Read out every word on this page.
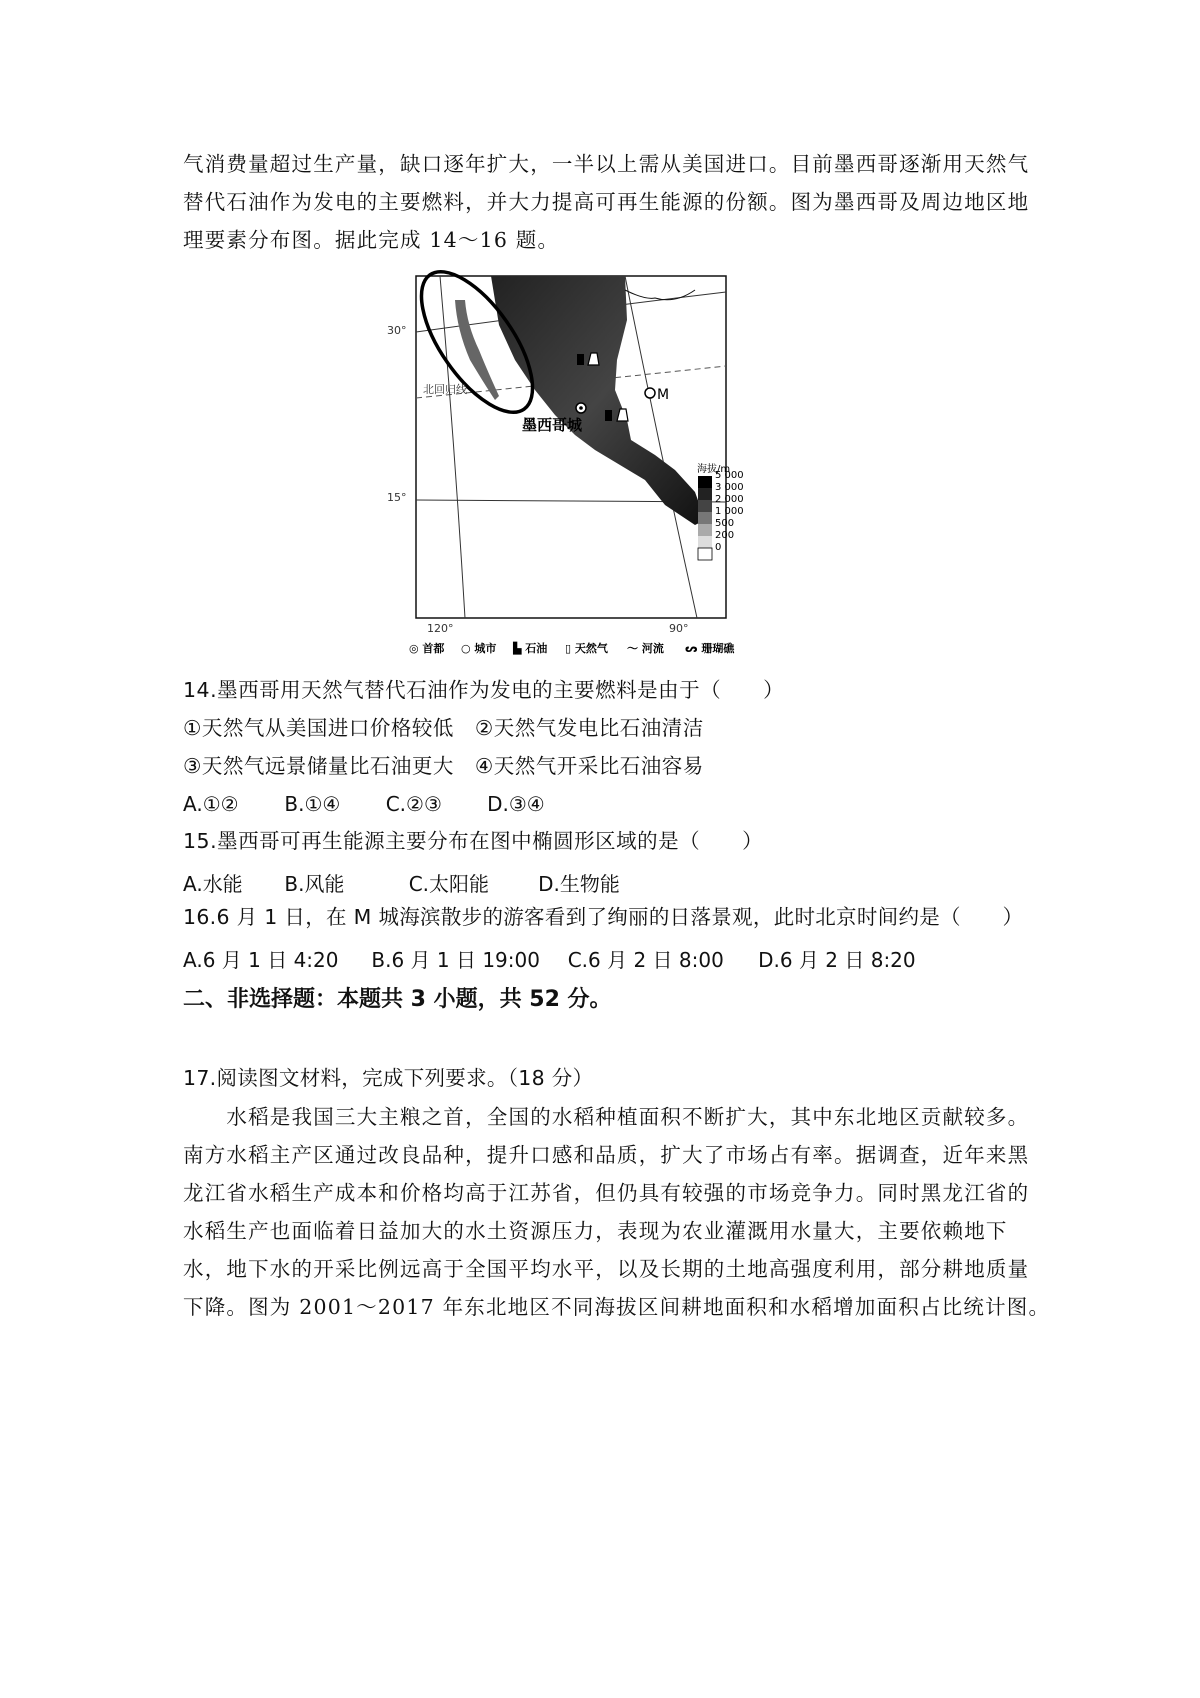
气消费量超过生产量，缺口逐年扩大，一半以上需从美国进口。目前墨西哥逐渐用天然气
替代石油作为发电的主要燃料，并大力提高可再生能源的份额。图为墨西哥及周边地区地
理要素分布图。据此完成 14～16 题。
30°
15°
120°	90°
北回归线
墨西哥城
M
海拔/m
5 000
3 000
2 000
1 000
500
200
0
◎ 首都 ○ 城市 ▙ 石油 ▯ 天然气 〜 河流 ᔕ 珊瑚礁
14.墨西哥用天然气替代石油作为发电的主要燃料是由于（　　）
①天然气从美国进口价格较低　②天然气发电比石油清洁
③天然气远景储量比石油更大　④天然气开采比石油容易
A.①② B.①④ C.②③ D.③④
15.墨西哥可再生能源主要分布在图中椭圆形区域的是（　　）
A.水能 B.风能	C.太阳能 D.生物能
16.6 月 1 日，在 M 城海滨散步的游客看到了绚丽的日落景观，此时北京时间约是（　　）
A.6 月 1 日 4:20 B.6 月 1 日 19:00 C.6 月 2 日 8:00 D.6 月 2 日 8:20
二、非选择题：本题共 3 小题，共 52 分。
17.阅读图文材料，完成下列要求。（18 分）
　　水稻是我国三大主粮之首，全国的水稻种植面积不断扩大，其中东北地区贡献较多。
南方水稻主产区通过改良品种，提升口感和品质，扩大了市场占有率。据调查，近年来黑
龙江省水稻生产成本和价格均高于江苏省，但仍具有较强的市场竞争力。同时黑龙江省的
水稻生产也面临着日益加大的水土资源压力，表现为农业灌溉用水量大，主要依赖地下
水，地下水的开采比例远高于全国平均水平，以及长期的土地高强度利用，部分耕地质量
下降。图为 2001～2017 年东北地区不同海拔区间耕地面积和水稻增加面积占比统计图。
